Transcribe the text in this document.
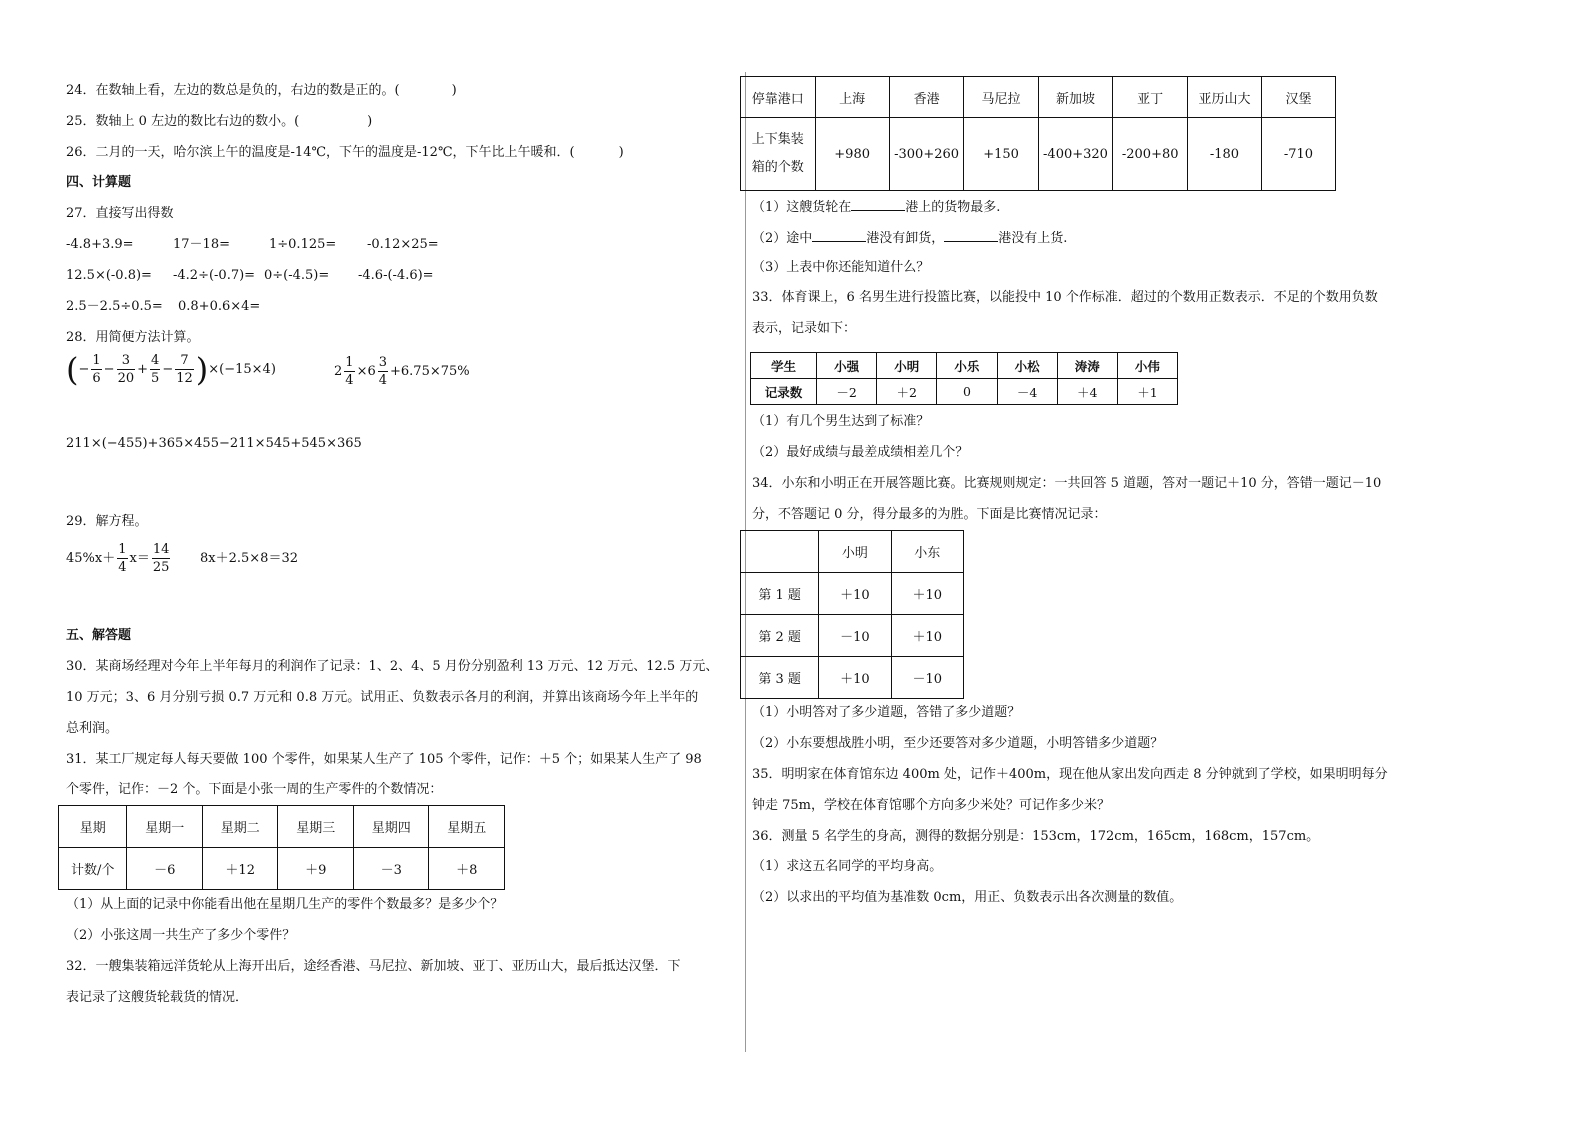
24．在数轴上看，左边的数总是负的，右边的数是正的。(	)
25．数轴上 0 左边的数比右边的数小。(	)
26．二月的一天，哈尔滨上午的温度是-14℃，下午的温度是-12℃，下午比上午暖和．(	)
四、计算题
27．直接写出得数
-4.8+3.9=	17－18=	1÷0.125= -0.12×25=
12.5×(-0.8)= -4.2÷(-0.7)= 0÷(-4.5)= -4.6-(-4.6)=
2.5－2.5÷0.5= 0.8+0.6×4=
28．用简便方法计算。
(− $\frac{1}{6} - \frac{3}{20} + \frac{4}{5} - \frac{7}{12} )\times(-15\times 4)$	$2 \frac{1}{4} \times 6 \frac{3}{4} +6.75\times 75\%$
211×(−455)+365×455−211×545+545×365
29．解方程。
$45\%x+ \frac{1}{4} x= \frac{14}{25} 8x+2.5\times 8=32$
五、解答题
30．某商场经理对今年上半年每月的利润作了记录：1、2、4、5 月份分别盈利 13 万元、12 万元、12.5 万元、
10 万元；3、6 月分别亏损 0.7 万元和 0.8 万元。试用正、负数表示各月的利润，并算出该商场今年上半年的
总利润。
31．某工厂规定每人每天要做 100 个零件，如果某人生产了 105 个零件，记作：＋5 个；如果某人生产了 98
个零件，记作：－2 个。下面是小张一周的生产零件的个数情况：
星期	星期一	星期二	星期三	星期四	星期五
计数/个	－6	＋12	＋9	－3	＋8
（1）从上面的记录中你能看出他在星期几生产的零件个数最多？是多少个？
（2）小张这周一共生产了多少个零件？
32．一艘集装箱远洋货轮从上海开出后，途经香港、马尼拉、新加坡、亚丁、亚历山大，最后抵达汉堡．下
表记录了这艘货轮载货的情况．
停靠港口	上海	香港	马尼拉	新加坡	亚丁	亚历山大	汉堡
上下集装
箱的个数	+980	-300+260	+150	-400+320	-200+80	-180	-710
（1）这艘货轮在	港上的货物最多.
（2）途中	港没有卸货，	港没有上货.
（3）上表中你还能知道什么？
33．体育课上，6 名男生进行投篮比赛，以能投中 10 个作标准．超过的个数用正数表示．不足的个数用负数
表示，记录如下：
学生	小强	小明	小乐	小松	涛涛	小伟
记录数	－2	＋2	0	－4	＋4	＋1
（1）有几个男生达到了标准？
（2）最好成绩与最差成绩相差几个？
34．小东和小明正在开展答题比赛。比赛规则规定：一共回答 5 道题，答对一题记＋10 分，答错一题记－10
分，不答题记 0 分，得分最多的为胜。下面是比赛情况记录：
	小明	小东
第 1 题	＋10	＋10
第 2 题	－10	＋10
第 3 题	＋10	－10
（1）小明答对了多少道题，答错了多少道题？
（2）小东要想战胜小明，至少还要答对多少道题，小明答错多少道题？
35．明明家在体育馆东边 400m 处，记作＋400m，现在他从家出发向西走 8 分钟就到了学校，如果明明每分
钟走 75m，学校在体育馆哪个方向多少米处？可记作多少米？
36．测量 5 名学生的身高，测得的数据分别是：153cm，172cm，165cm，168cm，157cm。
（1）求这五名同学的平均身高。
（2）以求出的平均值为基准数 0cm，用正、负数表示出各次测量的数值。
